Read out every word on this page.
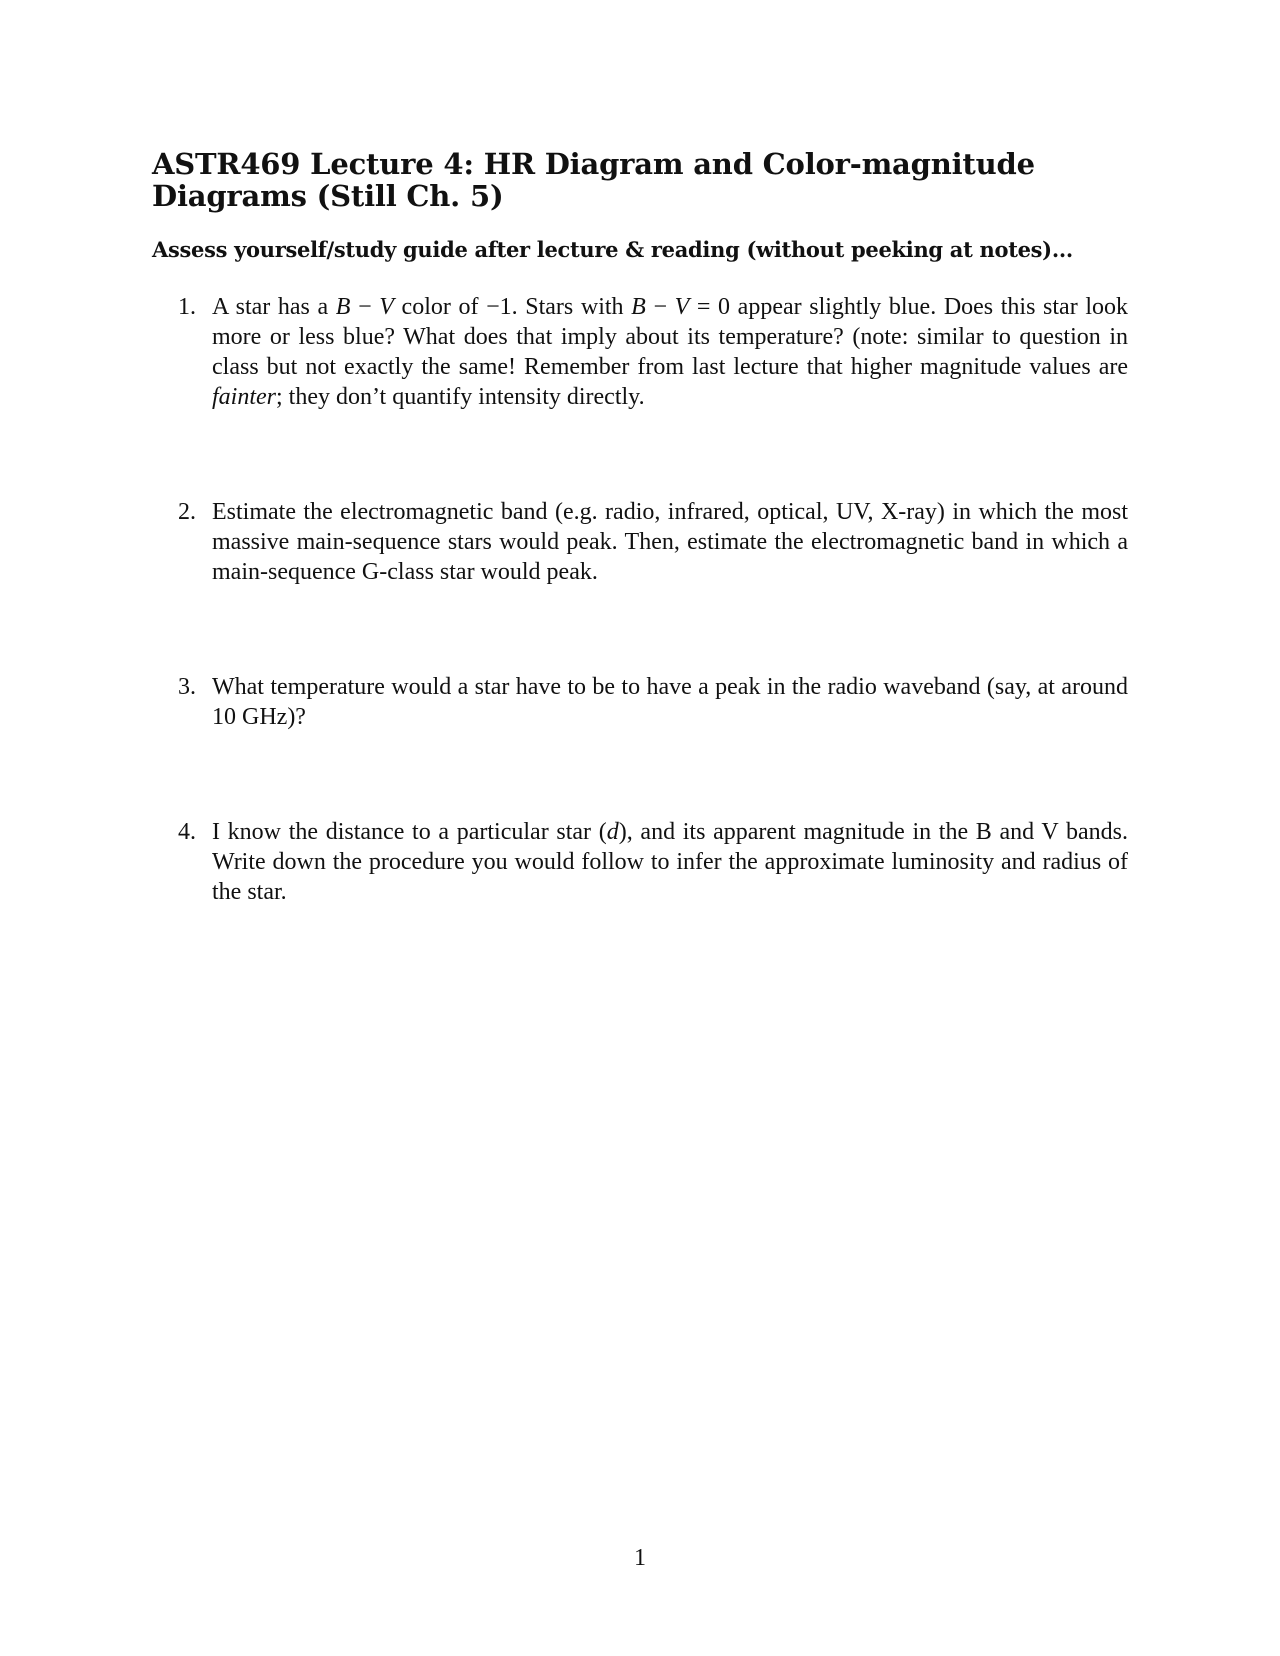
ASTR469 Lecture 4: HR Diagram and Color-magnitude Diagrams (Still Ch. 5)
Assess yourself/study guide after lecture & reading (without peeking at notes)...
1. A star has a B − V color of −1. Stars with B − V = 0 appear slightly blue. Does this star look more or less blue? What does that imply about its temperature? (note: similar to question in class but not exactly the same! Remember from last lecture that higher magnitude values are fainter; they don’t quantify intensity directly.
2. Estimate the electromagnetic band (e.g. radio, infrared, optical, UV, X-ray) in which the most massive main-sequence stars would peak. Then, estimate the electromagnetic band in which a main-sequence G-class star would peak.
3. What temperature would a star have to be to have a peak in the radio waveband (say, at around 10 GHz)?
4. I know the distance to a particular star (d), and its apparent magnitude in the B and V bands. Write down the procedure you would follow to infer the approximate luminosity and radius of the star.
1
